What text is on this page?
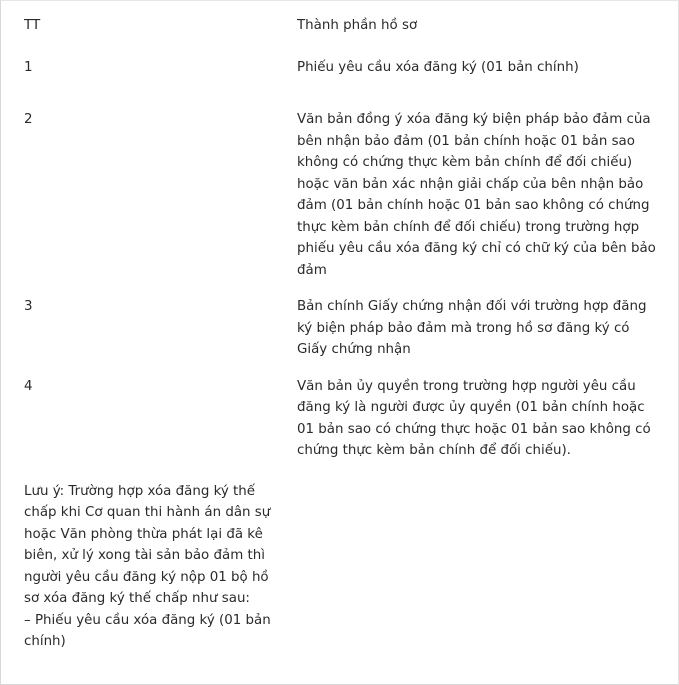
TT	Thành phần hồ sơ
1	Phiếu yêu cầu xóa đăng ký (01 bản chính)
2	Văn bản đồng ý xóa đăng ký biện pháp bảo đảm của bên nhận bảo đảm (01 bản chính hoặc 01 bản sao không có chứng thực kèm bản chính để đối chiếu) hoặc văn bản xác nhận giải chấp của bên nhận bảo đảm (01 bản chính hoặc 01 bản sao không có chứng thực kèm bản chính để đối chiếu) trong trường hợp phiếu yêu cầu xóa đăng ký chỉ có chữ ký của bên bảo đảm
3	Bản chính Giấy chứng nhận đối với trường hợp đăng ký biện pháp bảo đảm mà trong hồ sơ đăng ký có Giấy chứng nhận
4	Văn bản ủy quyền trong trường hợp người yêu cầu đăng ký là người được ủy quyền (01 bản chính hoặc 01 bản sao có chứng thực hoặc 01 bản sao không có chứng thực kèm bản chính để đối chiếu).
Lưu ý: Trường hợp xóa đăng ký thế chấp khi Cơ quan thi hành án dân sự hoặc Văn phòng thừa phát lại đã kê biên, xử lý xong tài sản bảo đảm thì người yêu cầu đăng ký nộp 01 bộ hồ sơ xóa đăng ký thế chấp như sau:
– Phiếu yêu cầu xóa đăng ký (01 bản chính)	
